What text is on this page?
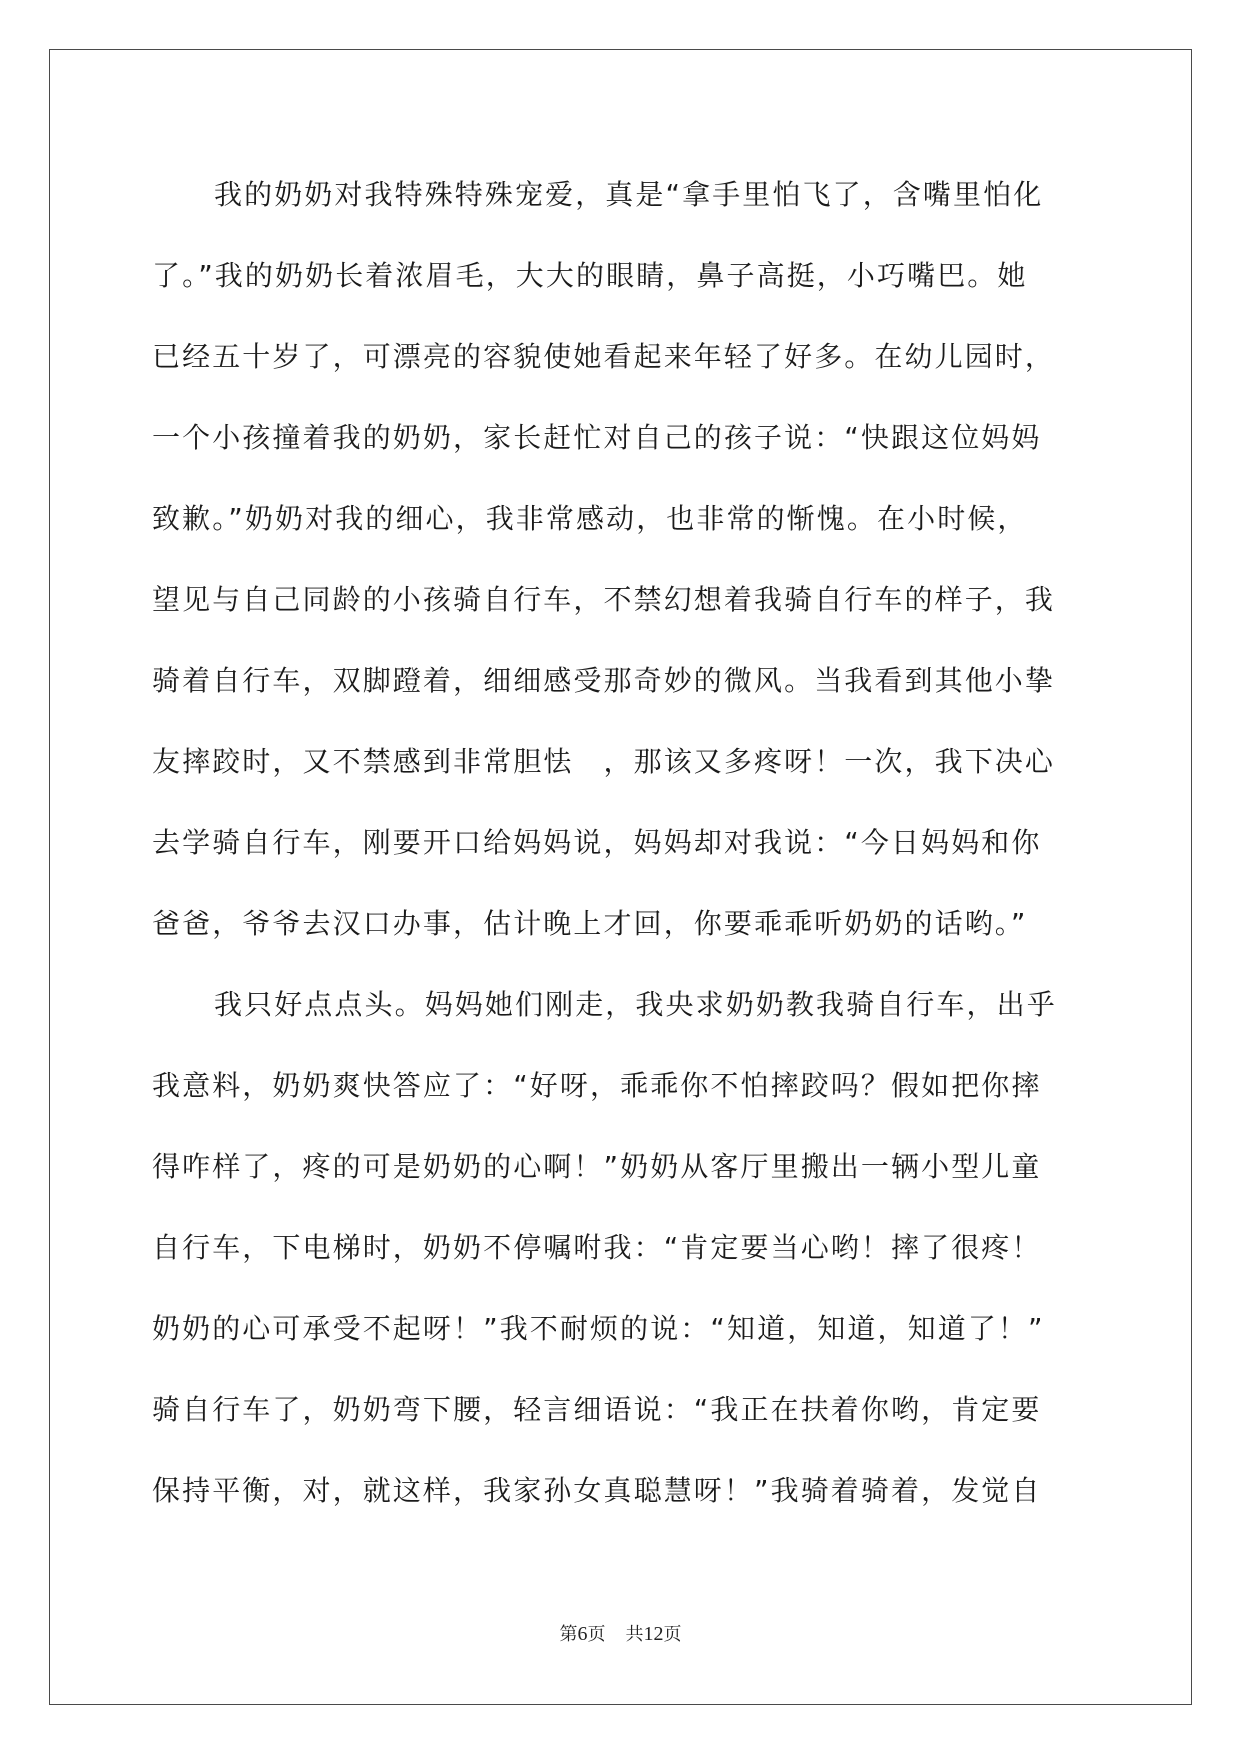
我的奶奶对我特殊特殊宠爱，真是“拿手里怕飞了，含嘴里怕化
了。”我的奶奶长着浓眉毛，大大的眼睛，鼻子高挺，小巧嘴巴。她
已经五十岁了，可漂亮的容貌使她看起来年轻了好多。在幼儿园时，
一个小孩撞着我的奶奶，家长赶忙对自己的孩子说：“快跟这位妈妈
致歉。”奶奶对我的细心，我非常感动，也非常的惭愧。在小时候，
望见与自己同龄的小孩骑自行车，不禁幻想着我骑自行车的样子，我
骑着自行车，双脚蹬着，细细感受那奇妙的微风。当我看到其他小挚
友摔跤时，又不禁感到非常胆怯　，那该又多疼呀！一次，我下决心
去学骑自行车，刚要开口给妈妈说，妈妈却对我说：“今日妈妈和你
爸爸，爷爷去汉口办事，估计晚上才回，你要乖乖听奶奶的话哟。”
我只好点点头。妈妈她们刚走，我央求奶奶教我骑自行车，出乎
我意料，奶奶爽快答应了：“好呀，乖乖你不怕摔跤吗？假如把你摔
得咋样了，疼的可是奶奶的心啊！”奶奶从客厅里搬出一辆小型儿童
自行车，下电梯时，奶奶不停嘱咐我：“肯定要当心哟！摔了很疼！
奶奶的心可承受不起呀！”我不耐烦的说：“知道，知道，知道了！”
骑自行车了，奶奶弯下腰，轻言细语说：“我正在扶着你哟，肯定要
保持平衡，对，就这样，我家孙女真聪慧呀！”我骑着骑着，发觉自
第6页 共12页
